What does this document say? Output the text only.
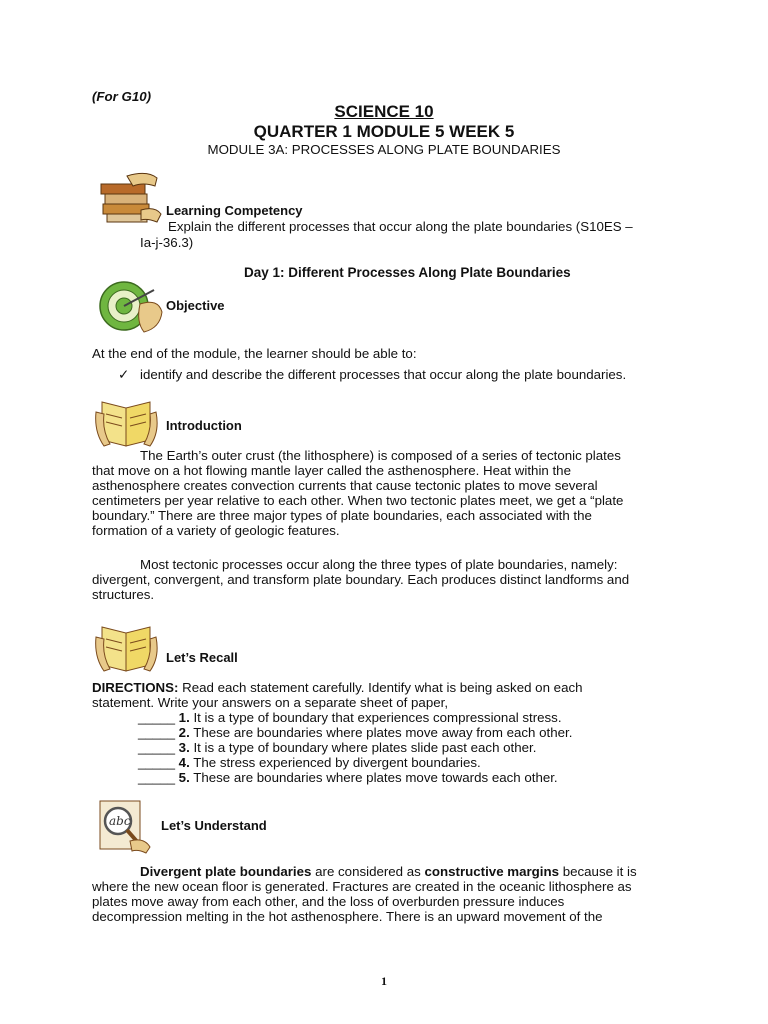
(For G10)
SCIENCE 10
QUARTER 1 MODULE 5 WEEK 5
MODULE 3A: PROCESSES ALONG PLATE BOUNDARIES
Learning Competency
Explain the different processes that occur along the plate boundaries (S10ES –
Ia-j-36.3)
Day 1: Different Processes Along Plate Boundaries
Objective
At the end of the module, the learner should be able to:
✓ identify and describe the different processes that occur along the plate boundaries.
Introduction
The Earth’s outer crust (the lithosphere) is composed of a series of tectonic plates
that move on a hot flowing mantle layer called the asthenosphere. Heat within the
asthenosphere creates convection currents that cause tectonic plates to move several
centimeters per year relative to each other. When two tectonic plates meet, we get a “plate
boundary.” There are three major types of plate boundaries, each associated with the
formation of a variety of geologic features.
Most tectonic processes occur along the three types of plate boundaries, namely:
divergent, convergent, and transform plate boundary. Each produces distinct landforms and
structures.
Let’s Recall
DIRECTIONS: Read each statement carefully. Identify what is being asked on each
statement. Write your answers on a separate sheet of paper,
_____ 1. It is a type of boundary that experiences compressional stress.
_____ 2. These are boundaries where plates move away from each other.
_____ 3. It is a type of boundary where plates slide past each other.
_____ 4. The stress experienced by divergent boundaries.
_____ 5. These are boundaries where plates move towards each other.
abc Let’s Understand
Divergent plate boundaries are considered as constructive margins because it is
where the new ocean floor is generated. Fractures are created in the oceanic lithosphere as
plates move away from each other, and the loss of overburden pressure induces
decompression melting in the hot asthenosphere. There is an upward movement of the
1
